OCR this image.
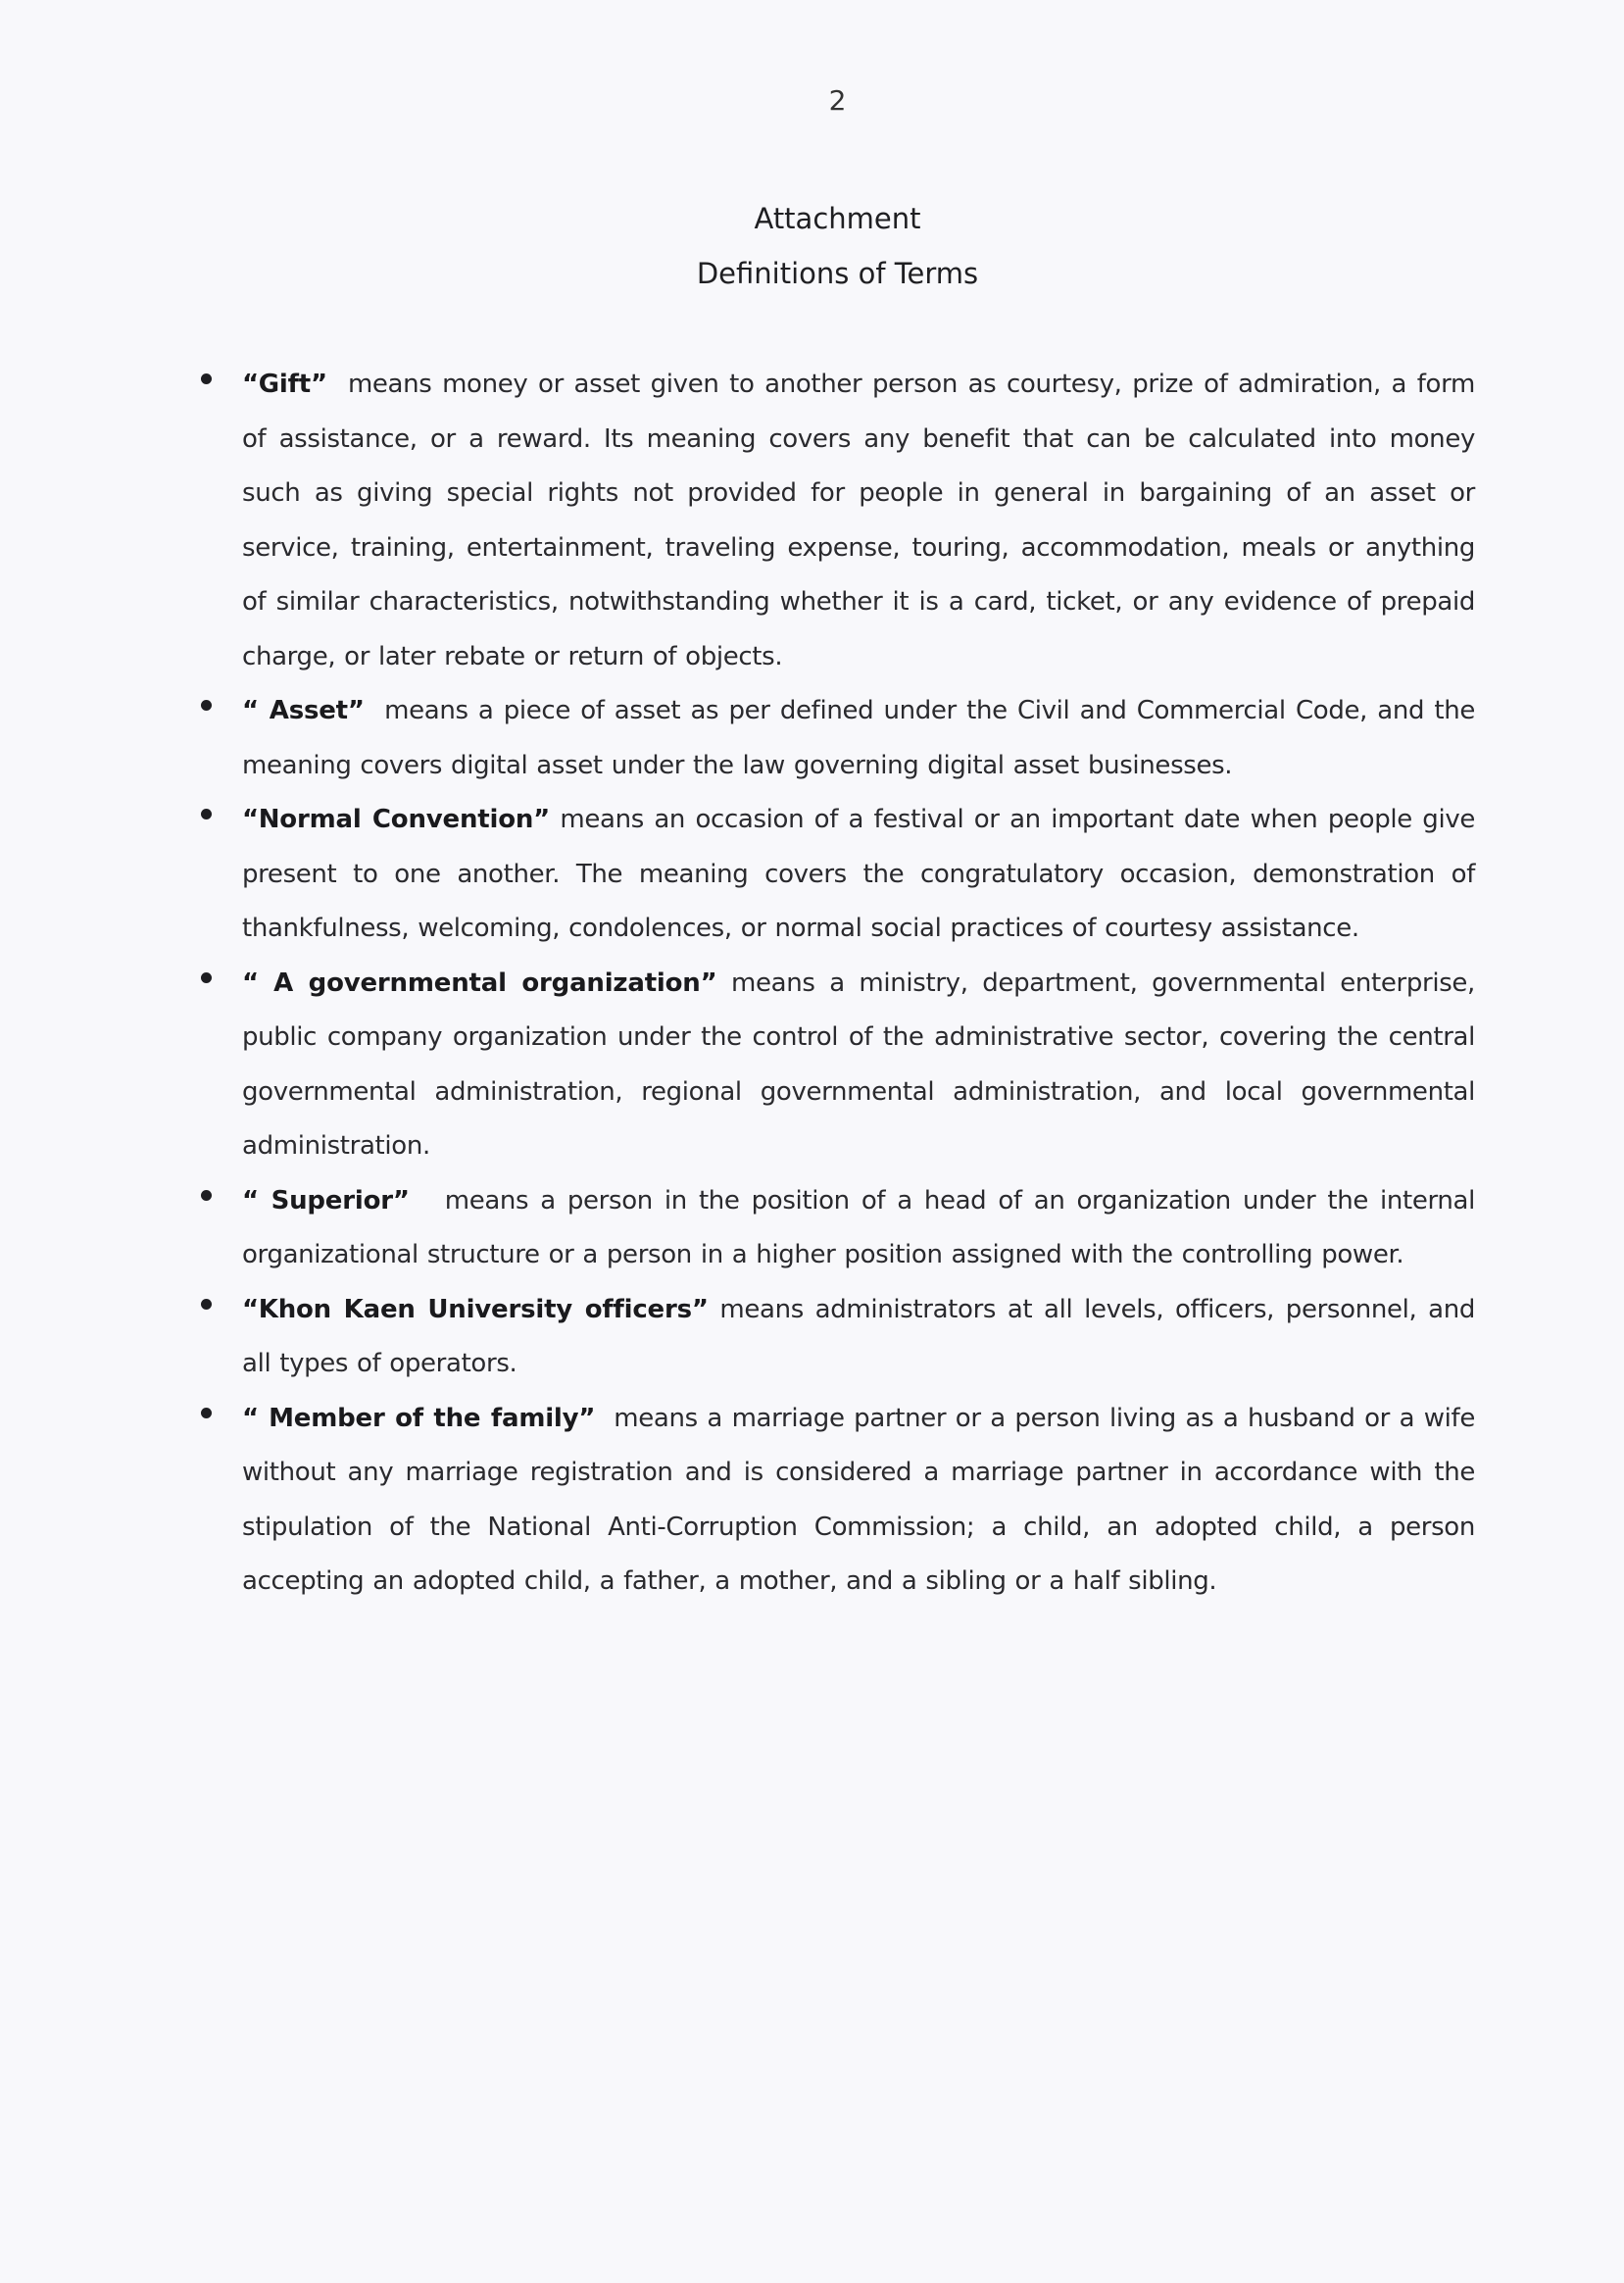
2
Attachment
Definitions of Terms
“Gift” means money or asset given to another person as courtesy, prize of admiration, a form of assistance, or a reward. Its meaning covers any benefit that can be calculated into money such as giving special rights not provided for people in general in bargaining of an asset or service, training, entertainment, traveling expense, touring, accommodation, meals or anything of similar characteristics, notwithstanding whether it is a card, ticket, or any evidence of prepaid charge, or later rebate or return of objects.
“ Asset” means a piece of asset as per defined under the Civil and Commercial Code, and the meaning covers digital asset under the law governing digital asset businesses.
“Normal Convention” means an occasion of a festival or an important date when people give present to one another. The meaning covers the congratulatory occasion, demonstration of thankfulness, welcoming, condolences, or normal social practices of courtesy assistance.
“ A governmental organization” means a ministry, department, governmental enterprise, public company organization under the control of the administrative sector, covering the central governmental administration, regional governmental administration, and local governmental administration.
“ Superior” means a person in the position of a head of an organization under the internal organizational structure or a person in a higher position assigned with the controlling power.
“Khon Kaen University officers” means administrators at all levels, officers, personnel, and all types of operators.
“ Member of the family” means a marriage partner or a person living as a husband or a wife without any marriage registration and is considered a marriage partner in accordance with the stipulation of the National Anti-Corruption Commission; a child, an adopted child, a person accepting an adopted child, a father, a mother, and a sibling or a half sibling.
